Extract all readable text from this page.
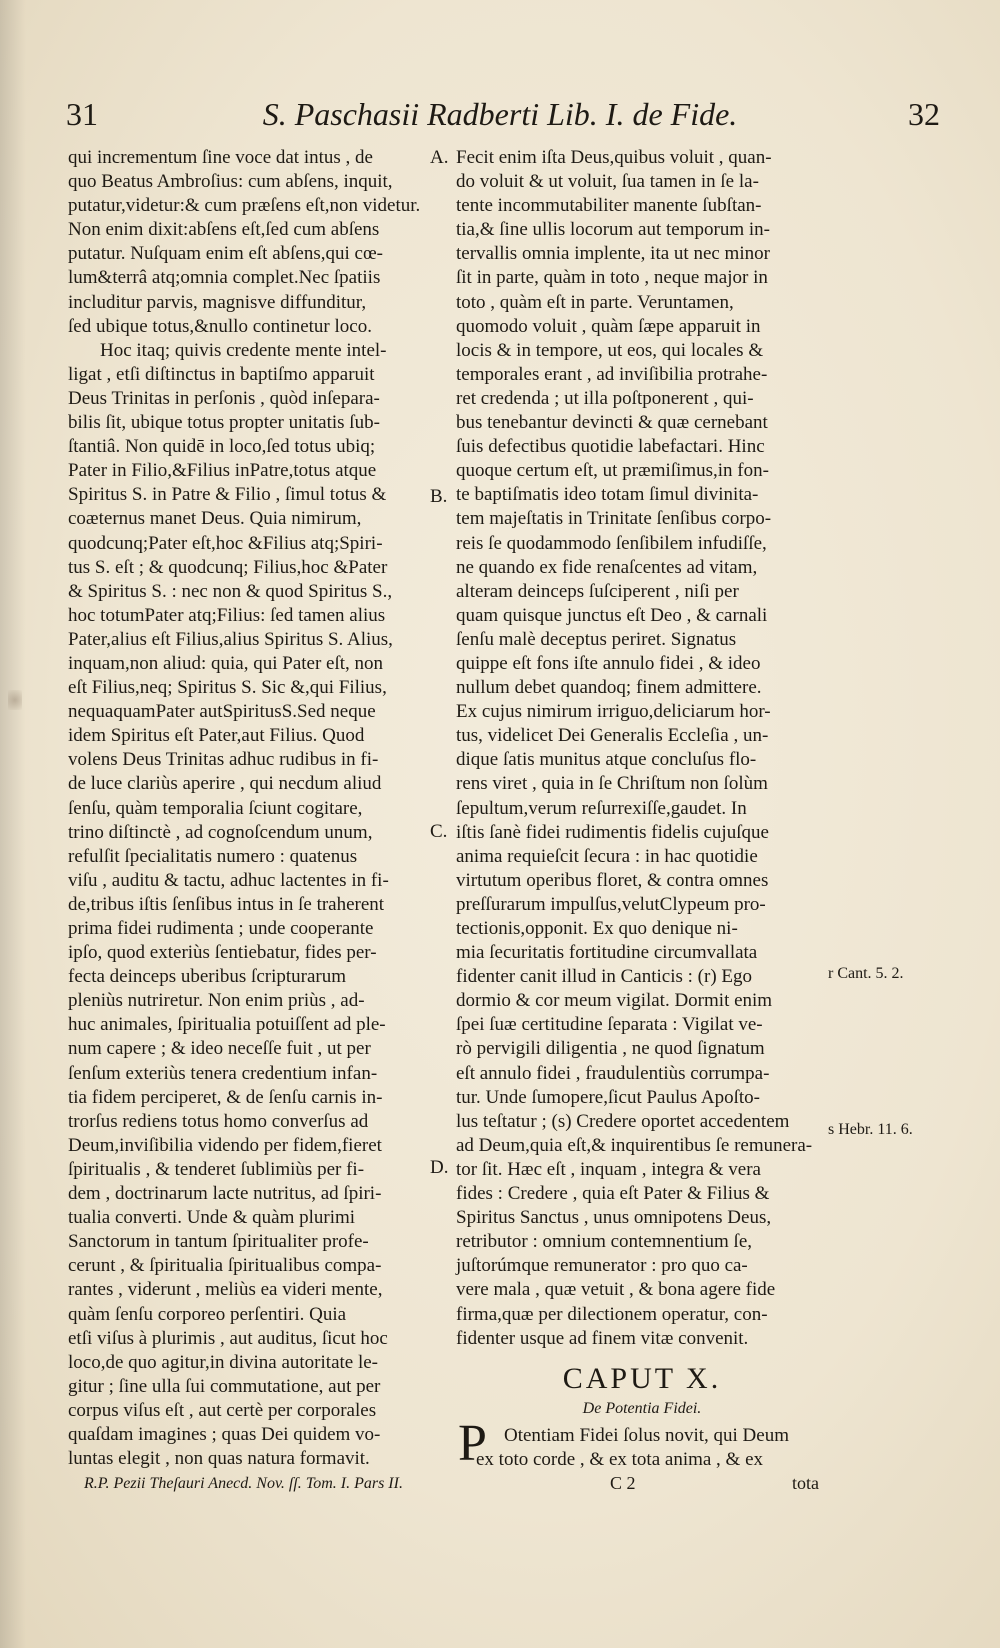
31	S. Paschasii Radberti Lib. I. de Fide.	32
qui incrementum ſine voce dat intus , de
quo Beatus Ambroſius: cum abſens, inquit,
putatur,videtur:& cum præſens eſt,non videtur.
Non enim dixit:abſens eſt,ſed cum abſens
putatur. Nuſquam enim eſt abſens,qui cœ-
lum&terrâ atq;omnia complet.Nec ſpatiis
includitur parvis, magnisve diffunditur,
ſed ubique totus,&nullo continetur loco.
Hoc itaq; quivis credente mente intel-
ligat , etſi diſtinctus in baptiſmo apparuit
Deus Trinitas in perſonis , quòd inſepara-
bilis ſit, ubique totus propter unitatis ſub-
ſtantiâ. Non quidē in loco,ſed totus ubiq;
Pater in Filio,&Filius inPatre,totus atque
Spiritus S. in Patre & Filio , ſimul totus &
coæternus manet Deus. Quia nimirum,
quodcunq;Pater eſt,hoc &Filius atq;Spiri-
tus S. eſt ; & quodcunq; Filius,hoc &Pater
& Spiritus S. : nec non & quod Spiritus S.,
hoc totumPater atq;Filius: ſed tamen alius
Pater,alius eſt Filius,alius Spiritus S. Alius,
inquam,non aliud: quia, qui Pater eſt, non
eſt Filius,neq; Spiritus S. Sic &,qui Filius,
nequaquamPater autSpiritusS.Sed neque
idem Spiritus eſt Pater,aut Filius. Quod
volens Deus Trinitas adhuc rudibus in fi-
de luce clariùs aperire , qui necdum aliud
ſenſu, quàm temporalia ſciunt cogitare,
trino diſtinctè , ad cognoſcendum unum,
refulſit ſpecialitatis numero : quatenus
viſu , auditu & tactu, adhuc lactentes in fi-
de,tribus iſtis ſenſibus intus in ſe traherent
prima fidei rudimenta ; unde cooperante
ipſo, quod exteriùs ſentiebatur, fides per-
fecta deinceps uberibus ſcripturarum
pleniùs nutriretur. Non enim priùs , ad-
huc animales, ſpiritualia potuiſſent ad ple-
num capere ; & ideo neceſſe fuit , ut per
ſenſum exteriùs tenera credentium infan-
tia fidem perciperet, & de ſenſu carnis in-
trorſus rediens totus homo converſus ad
Deum,inviſibilia videndo per fidem,fieret
ſpiritualis , & tenderet ſublimiùs per fi-
dem , doctrinarum lacte nutritus, ad ſpiri-
tualia converti. Unde & quàm plurimi
Sanctorum in tantum ſpiritualiter profe-
cerunt , & ſpiritualia ſpiritualibus compa-
rantes , viderunt , meliùs ea videri mente,
quàm ſenſu corporeo perſentiri. Quia
etſi viſus à plurimis , aut auditus, ſicut hoc
loco,de quo agitur,in divina autoritate le-
gitur ; ſine ulla ſui commutatione, aut per
corpus viſus eſt , aut certè per corporales
quaſdam imagines ; quas Dei quidem vo-
luntas elegit , non quas natura formavit.
Fecit enim iſta Deus,quibus voluit , quan-
do voluit & ut voluit, ſua tamen in ſe la-
tente incommutabiliter manente ſubſtan-
tia,& ſine ullis locorum aut temporum in-
tervallis omnia implente, ita ut nec minor
ſit in parte, quàm in toto , neque major in
toto , quàm eſt in parte. Veruntamen,
quomodo voluit , quàm ſæpe apparuit in
locis & in tempore, ut eos, qui locales &
temporales erant , ad inviſibilia protrahe-
ret credenda ; ut illa poſtponerent , qui-
bus tenebantur devincti & quæ cernebant
ſuis defectibus quotidie labefactari. Hinc
quoque certum eſt, ut præmiſimus,in fon-
te baptiſmatis ideo totam ſimul divinita-
tem majeſtatis in Trinitate ſenſibus corpo-
reis ſe quodammodo ſenſibilem infudiſſe,
ne quando ex fide renaſcentes ad vitam,
alteram deinceps ſuſciperent , niſi per
quam quisque junctus eſt Deo , & carnali
ſenſu malè deceptus periret. Signatus
quippe eſt fons iſte annulo fidei , & ideo
nullum debet quandoq; finem admittere.
Ex cujus nimirum irriguo,deliciarum hor-
tus, videlicet Dei Generalis Eccleſia , un-
dique ſatis munitus atque concluſus flo-
rens viret , quia in ſe Chriſtum non ſolùm
ſepultum,verum reſurrexiſſe,gaudet. In
iſtis ſanè fidei rudimentis fidelis cujuſque
anima requieſcit ſecura : in hac quotidie
virtutum operibus floret, & contra omnes
preſſurarum impulſus,velutClypeum pro-
tectionis,opponit. Ex quo denique ni-
mia ſecuritatis fortitudine circumvallata
fidenter canit illud in Canticis : (r) Ego
dormio & cor meum vigilat. Dormit enim
ſpei ſuæ certitudine ſeparata : Vigilat ve-
rò pervigili diligentia , ne quod ſignatum
eſt annulo fidei , fraudulentiùs corrumpa-
tur. Unde ſumopere,ſicut Paulus Apoſto-
lus teſtatur ; (s) Credere oportet accedentem
ad Deum,quia eſt,& inquirentibus ſe remunera-
tor ſit. Hæc eſt , inquam , integra & vera
fides : Credere , quia eſt Pater & Filius &
Spiritus Sanctus , unus omnipotens Deus,
retributor : omnium contemnentium ſe,
juſtorúmque remunerator : pro quo ca-
vere mala , quæ vetuit , & bona agere fide
firma,quæ per dilectionem operatur, con-
fidenter usque ad finem vitæ convenit.
A.
B.
C.
D.
r Cant. 5. 2.
s Hebr. 11. 6.
CAPUT X.
De Potentia Fidei.
P Otentiam Fidei ſolus novit, qui Deum
ex toto corde , & ex tota anima , & ex
R.P. Pezii Theſauri Anecd. Nov. ſſ. Tom. I. Pars II.	C 2	tota
